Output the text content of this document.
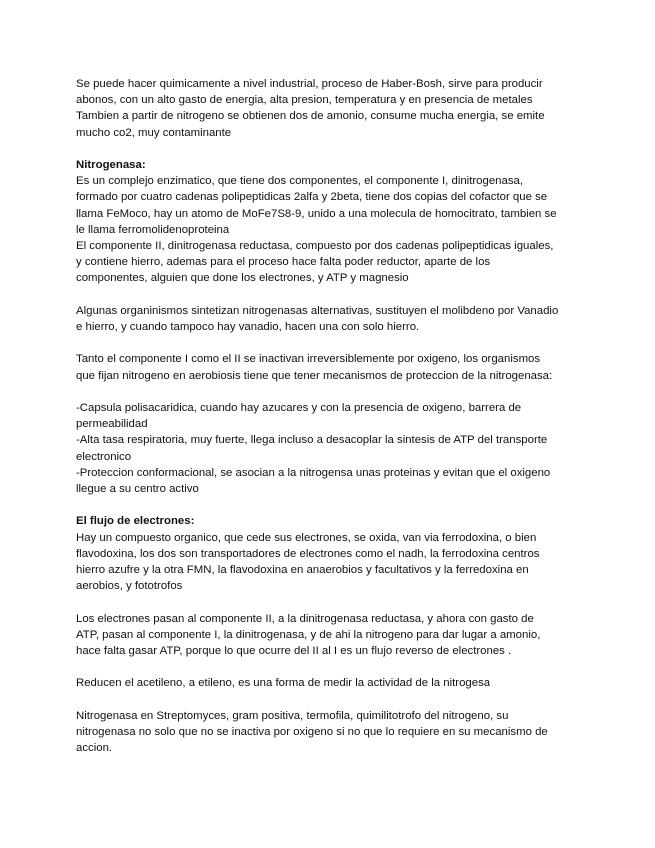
Se puede hacer quimicamente a nivel industrial, proceso de Haber-Bosh, sirve para producir
abonos, con un alto gasto de energia, alta presion, temperatura y en presencia de metales
Tambien a partir de nitrogeno se obtienen dos de amonio, consume mucha energia, se emite
mucho co2, muy contaminante
Nitrogenasa:
Es un complejo enzimatico, que tiene dos componentes, el componente I, dinitrogenasa,
formado por cuatro cadenas polipeptidicas 2alfa y 2beta, tiene dos copias del cofactor que se
llama FeMoco, hay un atomo de MoFe7S8-9, unido a una molecula de homocitrato, tambien se
le llama ferromolidenoproteina
El componente II, dinitrogenasa reductasa, compuesto por dos cadenas polipeptidicas iguales,
y contiene hierro, ademas para el proceso hace falta poder reductor, aparte de los
componentes, alguien que done los electrones, y ATP y magnesio
Algunas organinismos sintetizan nitrogenasas alternativas, sustituyen el molibdeno por Vanadio
e hierro, y cuando tampoco hay vanadio, hacen una con solo hierro.
Tanto el componente I como el II se inactivan irreversiblemente por oxigeno, los organismos
que fijan nitrogeno en aerobiosis tiene que tener mecanismos de proteccion de la nitrogenasa:
-Capsula polisacaridica, cuando hay azucares y con la presencia de oxigeno, barrera de
permeabilidad
-Alta tasa respiratoria, muy fuerte, llega incluso a desacoplar la sintesis de ATP del transporte
electronico
-Proteccion conformacional, se asocian a la nitrogensa unas proteinas y evitan que el oxigeno
llegue a su centro activo
El flujo de electrones:
Hay un compuesto organico, que cede sus electrones, se oxida, van via ferrodoxina, o bien
flavodoxina, los dos son transportadores de electrones como el nadh, la ferrodoxina centros
hierro azufre y la otra FMN, la flavodoxina en anaerobios y facultativos y la ferredoxina en
aerobios, y fototrofos
Los electrones pasan al componente II, a la dinitrogenasa reductasa, y ahora con gasto de
ATP, pasan al componente I, la dinitrogenasa, y de ahi la nitrogeno para dar lugar a amonio,
hace falta gasar ATP, porque lo que ocurre del II al I es un flujo reverso de electrones .
Reducen el acetileno, a etileno, es una forma de medir la actividad de la nitrogesa
Nitrogenasa en Streptomyces, gram positiva, termofila, quimilitotrofo del nitrogeno, su
nitrogenasa no solo que no se inactiva por oxigeno si no que lo requiere en su mecanismo de
accion.
